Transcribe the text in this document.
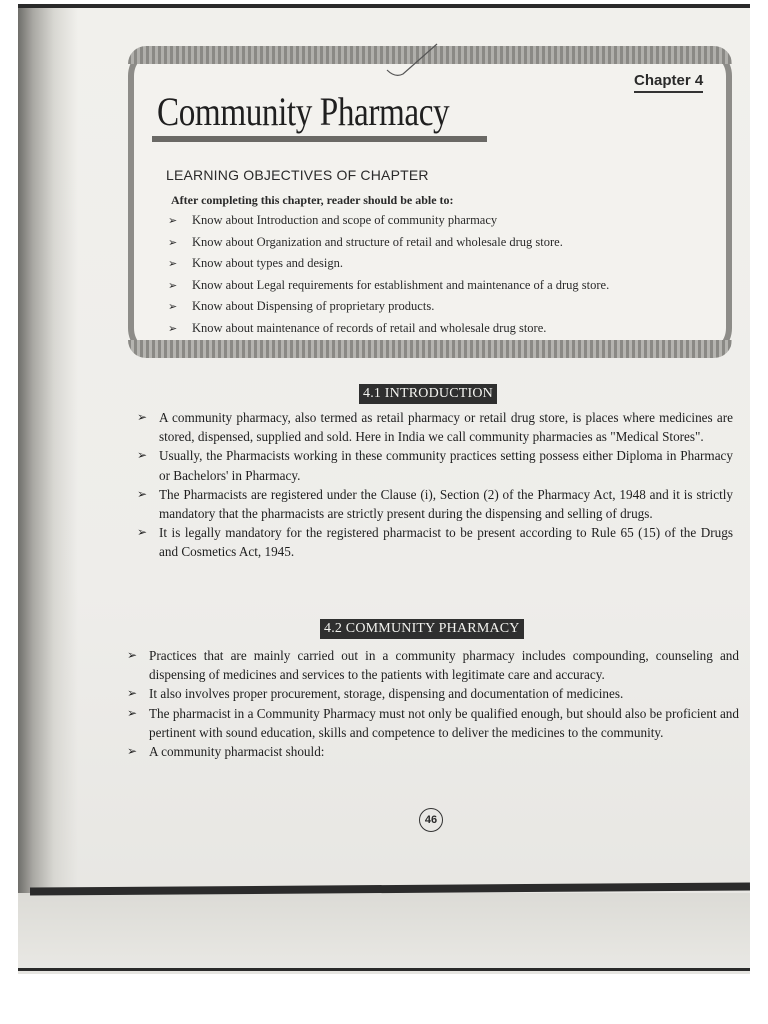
Chapter 4
Community Pharmacy
LEARNING OBJECTIVES OF CHAPTER
After completing this chapter, reader should be able to:
➢ Know about Introduction and scope of community pharmacy
➢ Know about Organization and structure of retail and wholesale drug store.
➢ Know about types and design.
➢ Know about Legal requirements for establishment and maintenance of a drug store.
➢ Know about Dispensing of proprietary products.
➢ Know about maintenance of records of retail and wholesale drug store.
4.1 INTRODUCTION
➢ A community pharmacy, also termed as retail pharmacy or retail drug store, is places where medicines are stored, dispensed, supplied and sold. Here in India we call community pharmacies as "Medical Stores".
➢ Usually, the Pharmacists working in these community practices setting possess either Diploma in Pharmacy or Bachelors' in Pharmacy.
➢ The Pharmacists are registered under the Clause (i), Section (2) of the Pharmacy Act, 1948 and it is strictly mandatory that the pharmacists are strictly present during the dispensing and selling of drugs.
➢ It is legally mandatory for the registered pharmacist to be present according to Rule 65 (15) of the Drugs and Cosmetics Act, 1945.
4.2 COMMUNITY PHARMACY
➢ Practices that are mainly carried out in a community pharmacy includes compounding, counseling and dispensing of medicines and services to the patients with legitimate care and accuracy.
➢ It also involves proper procurement, storage, dispensing and documentation of medicines.
➢ The pharmacist in a Community Pharmacy must not only be qualified enough, but should also be proficient and pertinent with sound education, skills and competence to deliver the medicines to the community.
➢ A community pharmacist should:
46
